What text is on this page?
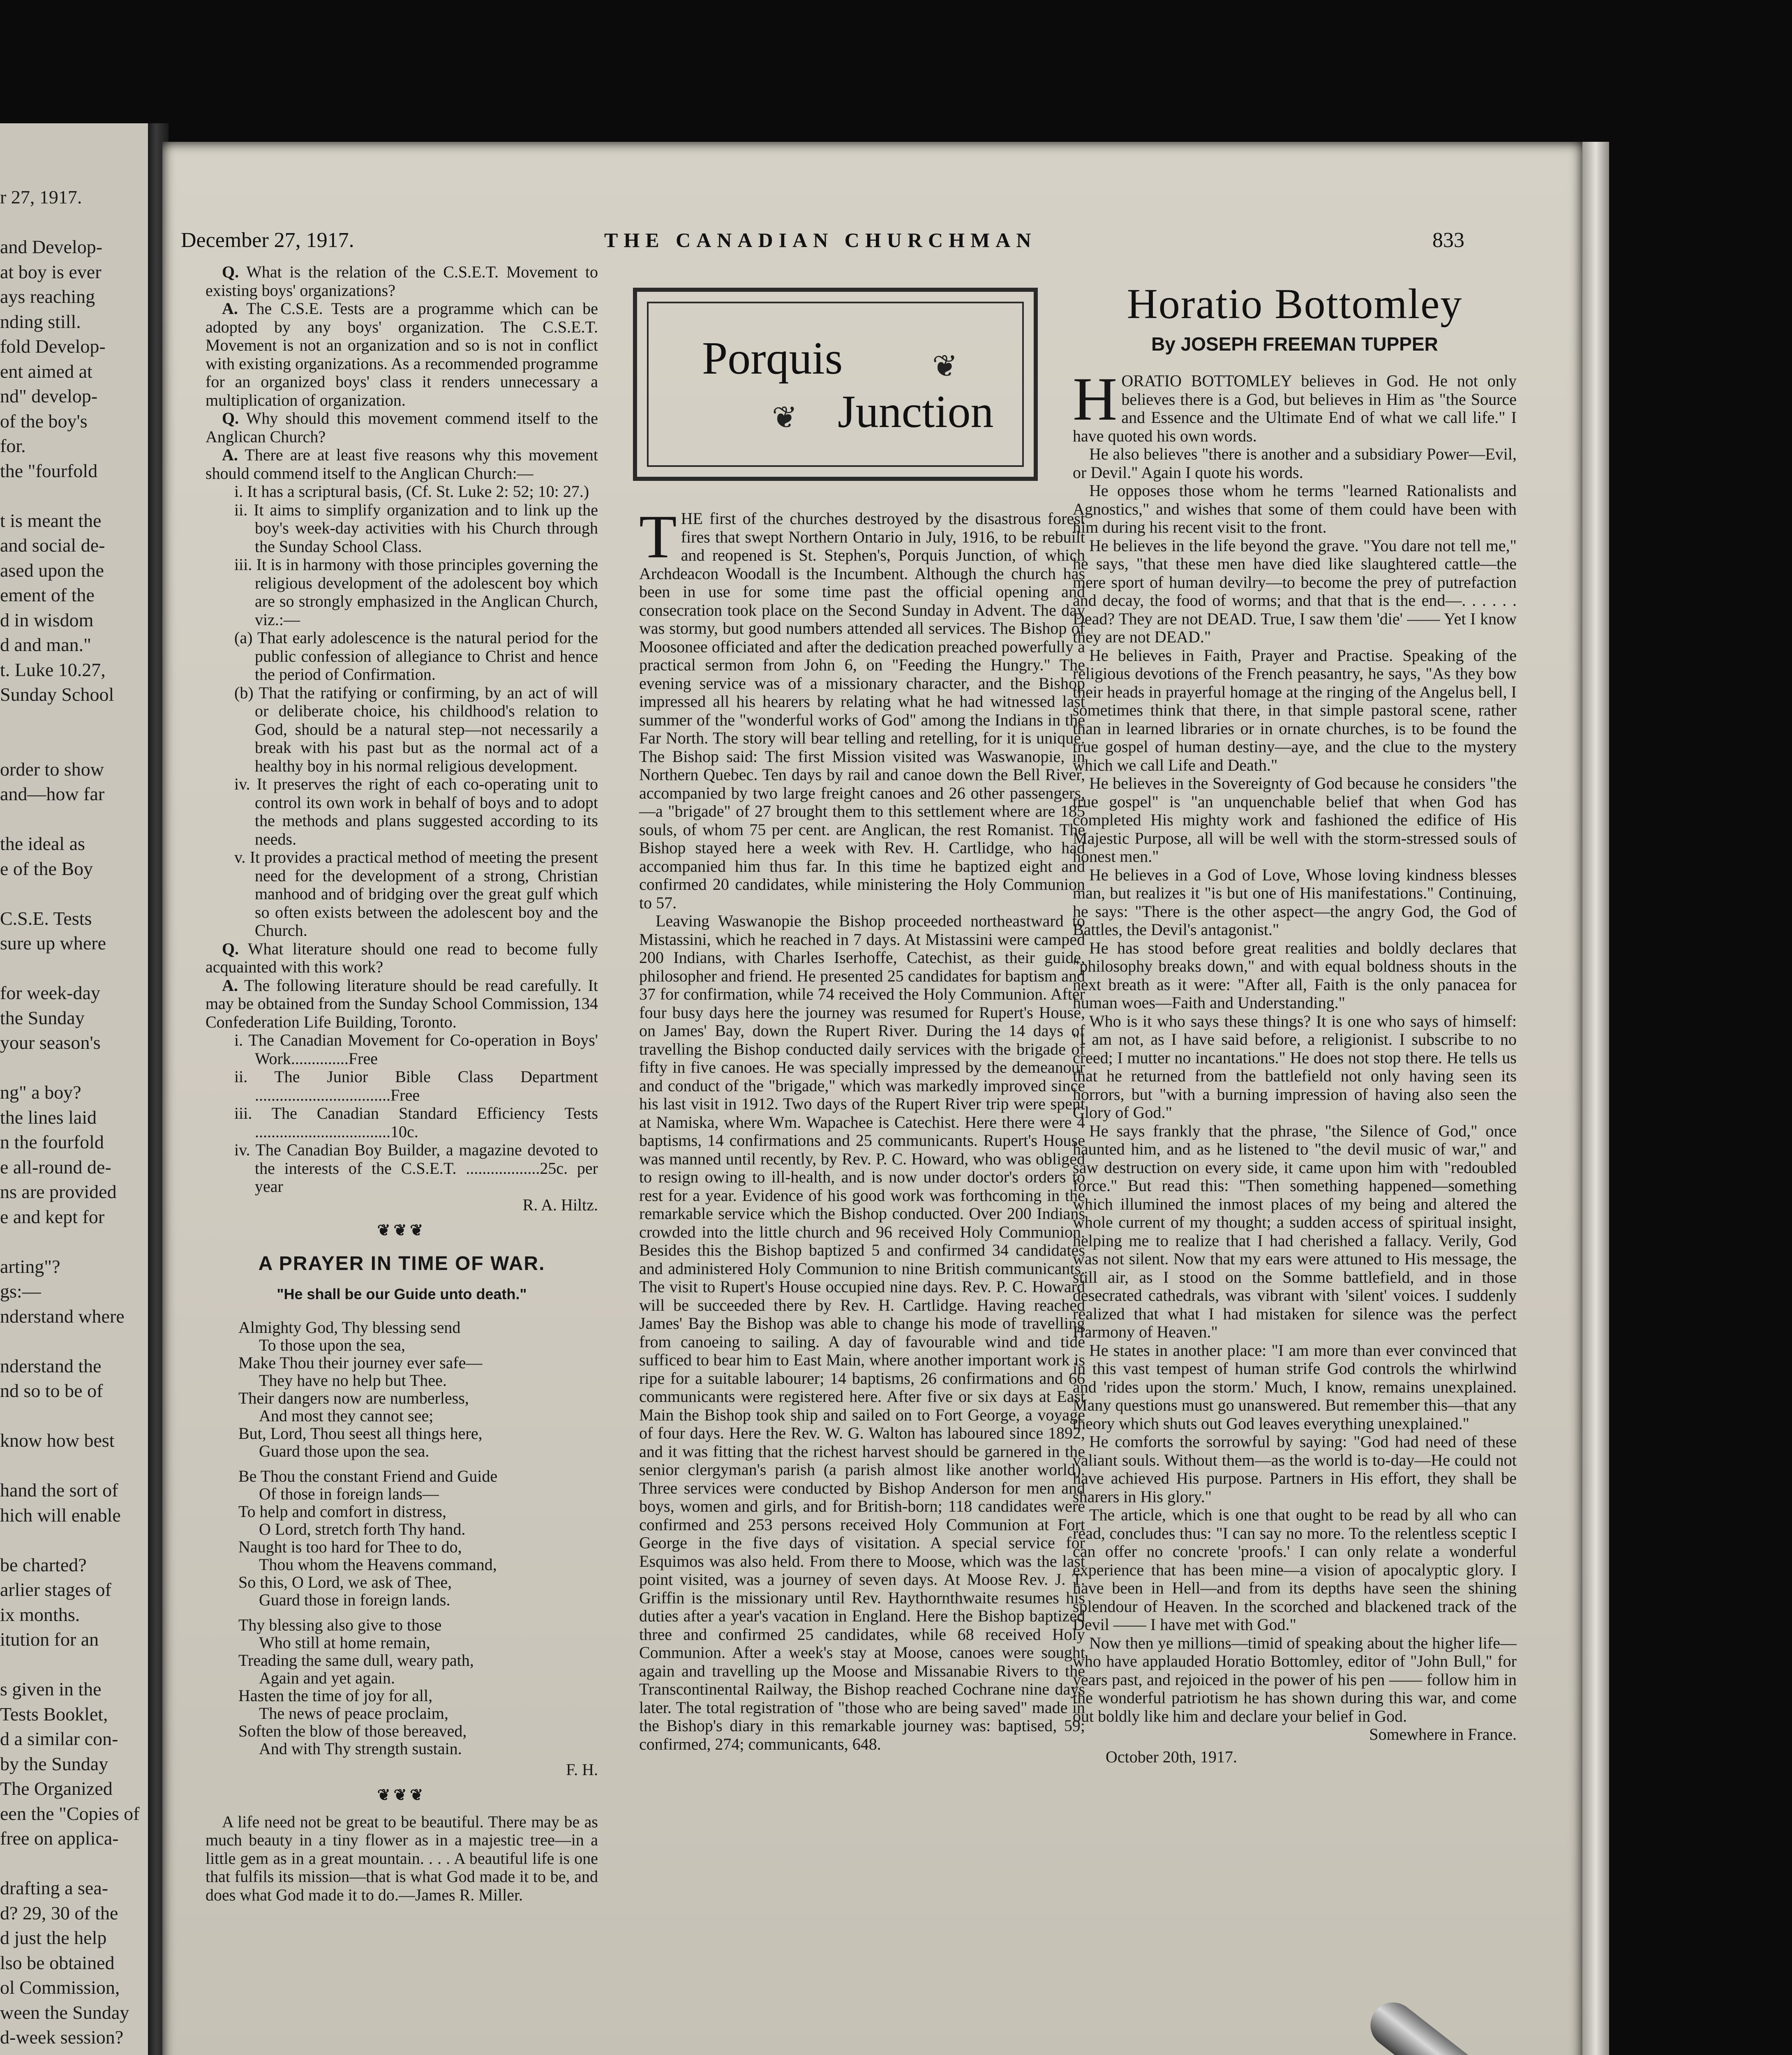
r 27, 1917.
and Develop-
at boy is ever
ays reaching
nding still.
fold Develop-
ent aimed at
nd" develop-
of the boy's
for.
the "fourfold
t is meant the
and social de-
ased upon the
ement of the
d in wisdom
d and man."
t. Luke 10.27,
Sunday School
order to show
and—how far
the ideal as
e of the Boy
C.S.E. Tests
sure up where
for week-day
the Sunday
your season's
ng" a boy?
the lines laid
n the fourfold
e all-round de-
ns are provided
e and kept for
arting"?
gs:—
nderstand where
nderstand the
nd so to be of
know how best
hand the sort of
hich will enable
be charted?
arlier stages of
ix months.
itution for an
s given in the
Tests Booklet,
d a similar con-
by the Sunday
The Organized
een the "Copies of
free on applica-
drafting a sea-
d? 29, 30 of the
d just the help
lso be obtained
ol Commission,
ween the Sunday
d-week session?
December 27, 1917.	THE CANADIAN CHURCHMAN	833

Q. What is the relation of the C.S.E.T. Movement to existing boys' organizations?

A. The C.S.E. Tests are a programme which can be adopted by any boys' organization. The C.S.E.T. Movement is not an organization and so is not in conflict with existing organizations. As a recommended programme for an organized boys' class it renders unnecessary a multiplication of organization.

Q. Why should this movement commend itself to the Anglican Church?

A. There are at least five reasons why this movement should commend itself to the Anglican Church:—

i. It has a scriptural basis, (Cf. St. Luke 2: 52; 10: 27.)

ii. It aims to simplify organization and to link up the boy's week-day activities with his Church through the Sunday School Class.

iii. It is in harmony with those principles governing the religious development of the adolescent boy which are so strongly emphasized in the Anglican Church, viz.:—

(a) That early adolescence is the natural period for the public confession of allegiance to Christ and hence the period of Confirmation.

(b) That the ratifying or confirming, by an act of will or deliberate choice, his childhood's relation to God, should be a natural step—not necessarily a break with his past but as the normal act of a healthy boy in his normal religious development.

iv. It preserves the right of each co-operating unit to control its own work in behalf of boys and to adopt the methods and plans suggested according to its needs.

v. It provides a practical method of meeting the present need for the development of a strong, Christian manhood and of bridging over the great gulf which so often exists between the adolescent boy and the Church.

Q. What literature should one read to become fully acquainted with this work?

A. The following literature should be read carefully. It may be obtained from the Sunday School Commission, 134 Confederation Life Building, Toronto.

i. The Canadian Movement for Co-operation in Boys' Work..............Free

ii. The Junior Bible Class Department .................................Free

iii. The Canadian Standard Efficiency Tests .................................10c.

iv. The Canadian Boy Builder, a magazine devoted to the interests of the C.S.E.T. ..................25c. per year

R. A. Hiltz.

❦❦❦
A PRAYER IN TIME OF WAR.
"He shall be our Guide unto death."

Almighty God, Thy blessing send

To those upon the sea,

Make Thou their journey ever safe—

They have no help but Thee.

Their dangers now are numberless,

And most they cannot see;

But, Lord, Thou seest all things here,

Guard those upon the sea.

Be Thou the constant Friend and Guide

Of those in foreign lands—

To help and comfort in distress,

O Lord, stretch forth Thy hand.

Naught is too hard for Thee to do,

Thou whom the Heavens command,

So this, O Lord, we ask of Thee,

Guard those in foreign lands.

Thy blessing also give to those

Who still at home remain,

Treading the same dull, weary path,

Again and yet again.

Hasten the time of joy for all,

The news of peace proclaim,

Soften the blow of those bereaved,

And with Thy strength sustain.

F. H.

❦❦❦

A life need not be great to be beautiful. There may be as much beauty in a tiny flower as in a majestic tree—in a little gem as in a great mountain. . . . A beautiful life is one that fulfils its mission—that is what God made it to be, and does what God made it to do.—James R. Miller.

Porquis
Junction
❦
❦

THE first of the churches destroyed by the disastrous forest fires that swept Northern Ontario in July, 1916, to be rebuilt and reopened is St. Stephen's, Porquis Junction, of which Archdeacon Woodall is the Incumbent. Although the church has been in use for some time past the official opening and consecration took place on the Second Sunday in Advent. The day was stormy, but good numbers attended all services. The Bishop of Moosonee officiated and after the dedication preached powerfully a practical sermon from John 6, on "Feeding the Hungry." The evening service was of a missionary character, and the Bishop impressed all his hearers by relating what he had witnessed last summer of the "wonderful works of God" among the Indians in the Far North. The story will bear telling and retelling, for it is unique. The Bishop said: The first Mission visited was Waswanopie, in Northern Quebec. Ten days by rail and canoe down the Bell River, accompanied by two large freight canoes and 26 other passengers,—a "brigade" of 27 brought them to this settlement where are 185 souls, of whom 75 per cent. are Anglican, the rest Romanist. The Bishop stayed here a week with Rev. H. Cartlidge, who had accompanied him thus far. In this time he baptized eight and confirmed 20 candidates, while ministering the Holy Communion to 57.

Leaving Waswanopie the Bishop proceeded northeastward to Mistassini, which he reached in 7 days. At Mistassini were camped 200 Indians, with Charles Iserhoffe, Catechist, as their guide, philosopher and friend. He presented 25 candidates for baptism and 37 for confirmation, while 74 received the Holy Communion. After four busy days here the journey was resumed for Rupert's House, on James' Bay, down the Rupert River. During the 14 days of travelling the Bishop conducted daily services with the brigade of fifty in five canoes. He was specially impressed by the demeanour and conduct of the "brigade," which was markedly improved since his last visit in 1912. Two days of the Rupert River trip were spent at Namiska, where Wm. Wapachee is Catechist. Here there were 4 baptisms, 14 confirmations and 25 communicants. Rupert's House was manned until recently, by Rev. P. C. Howard, who was obliged to resign owing to ill-health, and is now under doctor's orders to rest for a year. Evidence of his good work was forthcoming in the remarkable service which the Bishop conducted. Over 200 Indians crowded into the little church and 96 received Holy Communion. Besides this the Bishop baptized 5 and confirmed 34 candidates and administered Holy Communion to nine British communicants. The visit to Rupert's House occupied nine days. Rev. P. C. Howard will be succeeded there by Rev. H. Cartlidge. Having reached James' Bay the Bishop was able to change his mode of travelling from canoeing to sailing. A day of favourable wind and tide sufficed to bear him to East Main, where another important work is ripe for a suitable labourer; 14 baptisms, 26 confirmations and 66 communicants were registered here. After five or six days at East Main the Bishop took ship and sailed on to Fort George, a voyage of four days. Here the Rev. W. G. Walton has laboured since 1892, and it was fitting that the richest harvest should be garnered in the senior clergyman's parish (a parish almost like another world). Three services were conducted by Bishop Anderson for men and boys, women and girls, and for British-born; 118 candidates were confirmed and 253 persons received Holy Communion at Fort George in the five days of visitation. A special service for Esquimos was also held. From there to Moose, which was the last point visited, was a journey of seven days. At Moose Rev. J. T. Griffin is the missionary until Rev. Haythornthwaite resumes his duties after a year's vacation in England. Here the Bishop baptized three and confirmed 25 candidates, while 68 received Holy Communion. After a week's stay at Moose, canoes were sought again and travelling up the Moose and Missanabie Rivers to the Transcontinental Railway, the Bishop reached Cochrane nine days later. The total registration of "those who are being saved" made in the Bishop's diary in this remarkable journey was: baptised, 59; confirmed, 274; communicants, 648.

Horatio Bottomley
By JOSEPH FREEMAN TUPPER

HORATIO BOTTOMLEY believes in God. He not only believes there is a God, but believes in Him as "the Source and Essence and the Ultimate End of what we call life." I have quoted his own words.

He also believes "there is another and a subsidiary Power—Evil, or Devil." Again I quote his words.

He opposes those whom he terms "learned Rationalists and Agnostics," and wishes that some of them could have been with him during his recent visit to the front.

He believes in the life beyond the grave. "You dare not tell me," he says, "that these men have died like slaughtered cattle—the mere sport of human devilry—to become the prey of putrefaction and decay, the food of worms; and that that is the end—. . . . . . Dead? They are not DEAD. True, I saw them 'die' —— Yet I know they are not DEAD."

He believes in Faith, Prayer and Practise. Speaking of the religious devotions of the French peasantry, he says, "As they bow their heads in prayerful homage at the ringing of the Angelus bell, I sometimes think that there, in that simple pastoral scene, rather than in learned libraries or in ornate churches, is to be found the true gospel of human destiny—aye, and the clue to the mystery which we call Life and Death."

He believes in the Sovereignty of God because he considers "the true gospel" is "an unquenchable belief that when God has completed His mighty work and fashioned the edifice of His Majestic Purpose, all will be well with the storm-stressed souls of honest men."

He believes in a God of Love, Whose loving kindness blesses man, but realizes it "is but one of His manifestations." Continuing, he says: "There is the other aspect—the angry God, the God of Battles, the Devil's antagonist."

He has stood before great realities and boldly declares that "philosophy breaks down," and with equal boldness shouts in the next breath as it were: "After all, Faith is the only panacea for human woes—Faith and Understanding."

Who is it who says these things? It is one who says of himself: "I am not, as I have said before, a religionist. I subscribe to no creed; I mutter no incantations." He does not stop there. He tells us that he returned from the battlefield not only having seen its horrors, but "with a burning impression of having also seen the Glory of God."

He says frankly that the phrase, "the Silence of God," once haunted him, and as he listened to "the devil music of war," and saw destruction on every side, it came upon him with "redoubled force." But read this: "Then something happened—something which illumined the inmost places of my being and altered the whole current of my thought; a sudden access of spiritual insight, helping me to realize that I had cherished a fallacy. Verily, God was not silent. Now that my ears were attuned to His message, the still air, as I stood on the Somme battlefield, and in those desecrated cathedrals, was vibrant with 'silent' voices. I suddenly realized that what I had mistaken for silence was the perfect Harmony of Heaven."

He states in another place: "I am more than ever convinced that in this vast tempest of human strife God controls the whirlwind and 'rides upon the storm.' Much, I know, remains unexplained. Many questions must go unanswered. But remember this—that any theory which shuts out God leaves everything unexplained."

He comforts the sorrowful by saying: "God had need of these valiant souls. Without them—as the world is to-day—He could not have achieved His purpose. Partners in His effort, they shall be sharers in His glory."

The article, which is one that ought to be read by all who can read, concludes thus: "I can say no more. To the relentless sceptic I can offer no concrete 'proofs.' I can only relate a wonderful experience that has been mine—a vision of apocalyptic glory. I have been in Hell—and from its depths have seen the shining splendour of Heaven. In the scorched and blackened track of the Devil —— I have met with God."

Now then ye millions—timid of speaking about the higher life—who have applauded Horatio Bottomley, editor of "John Bull," for years past, and rejoiced in the power of his pen —— follow him in the wonderful patriotism he has shown during this war, and come out boldly like him and declare your belief in God.

Somewhere in France.

October 20th, 1917.
